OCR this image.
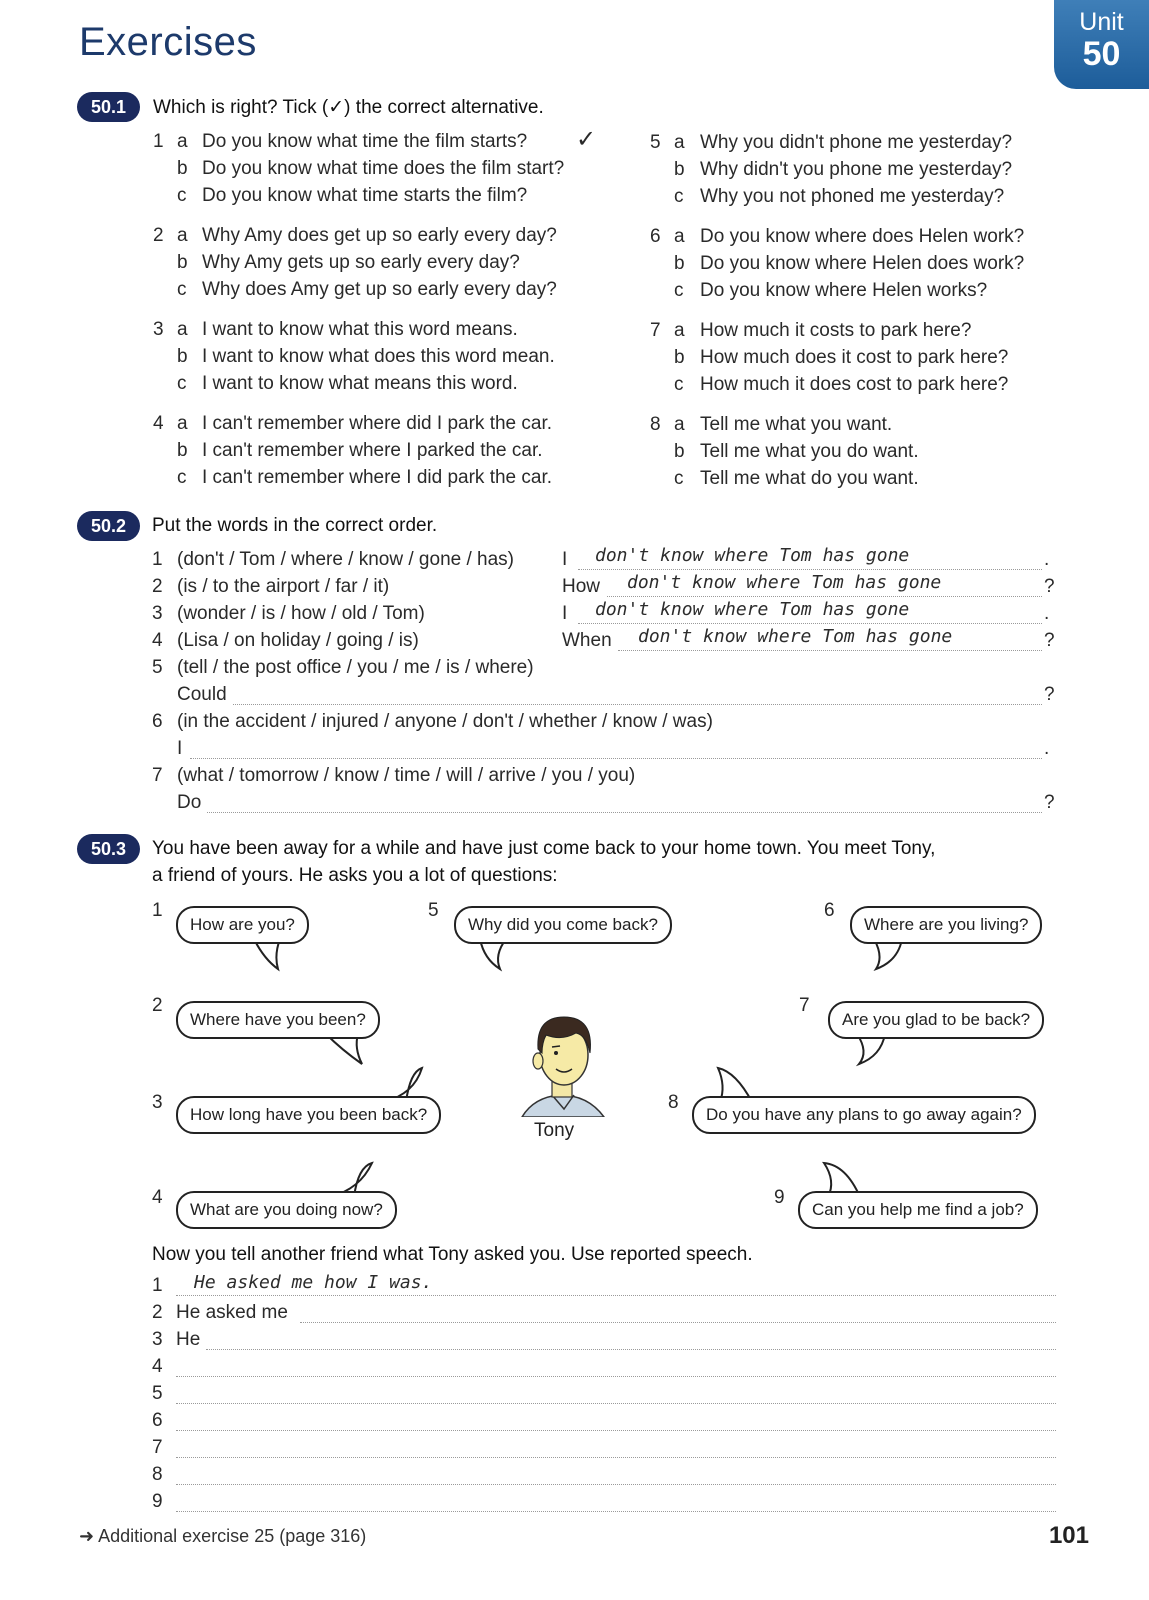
Exercises	Unit
50
50.1	Which is right? Tick (✓) the correct alternative.
1 a Do you know what time the film starts? ✓
b Do you know what time does the film start?
c Do you know what time starts the film?
2 a Why Amy does get up so early every day?
b Why Amy gets up so early every day?
c Why does Amy get up so early every day?
3 a I want to know what this word means.
b I want to know what does this word mean.
c I want to know what means this word.
4 a I can't remember where did I park the car.
b I can't remember where I parked the car.
c I can't remember where I did park the car.
5 a Why you didn't phone me yesterday?
b Why didn't you phone me yesterday?
c Why you not phoned me yesterday?
6 a Do you know where does Helen work?
b Do you know where Helen does work?
c Do you know where Helen works?
7 a How much it costs to park here?
b How much does it cost to park here?
c How much it does cost to park here?
8 a Tell me what you want.
b Tell me what you do want.
c Tell me what do you want.
50.2	Put the words in the correct order.
1 (don't / Tom / where / know / gone / has)	I don't know where Tom has gone	.
2 (is / to the airport / far / it)	How don't know where Tom has gone	?
3 (wonder / is / how / old / Tom)	I don't know where Tom has gone	.
4 (Lisa / on holiday / going / is)	When don't know where Tom has gone	?
5 (tell / the post office / you / me / is / where)
Could	?
6 (in the accident / injured / anyone / don't / whether / know / was)
I	.
7 (what / tomorrow / know / time / will / arrive / you / you)
Do	?
50.3	You have been away for a while and have just come back to your home town. You meet Tony,
a friend of yours. He asks you a lot of questions:
1
How are you?
5
Why did you come back?
6
Where are you living?
2
Where have you been?
7
Are you glad to be back?
3
How long have you been back?
8
Do you have any plans to go away again?
4
What are you doing now?
9
Can you help me find a job?
Tony
Now you tell another friend what Tony asked you. Use reported speech.
1 He asked me how I was.
2 He asked me
3 He
4
5
6
7
8
9
➜ Additional exercise 25 (page 316)	101
